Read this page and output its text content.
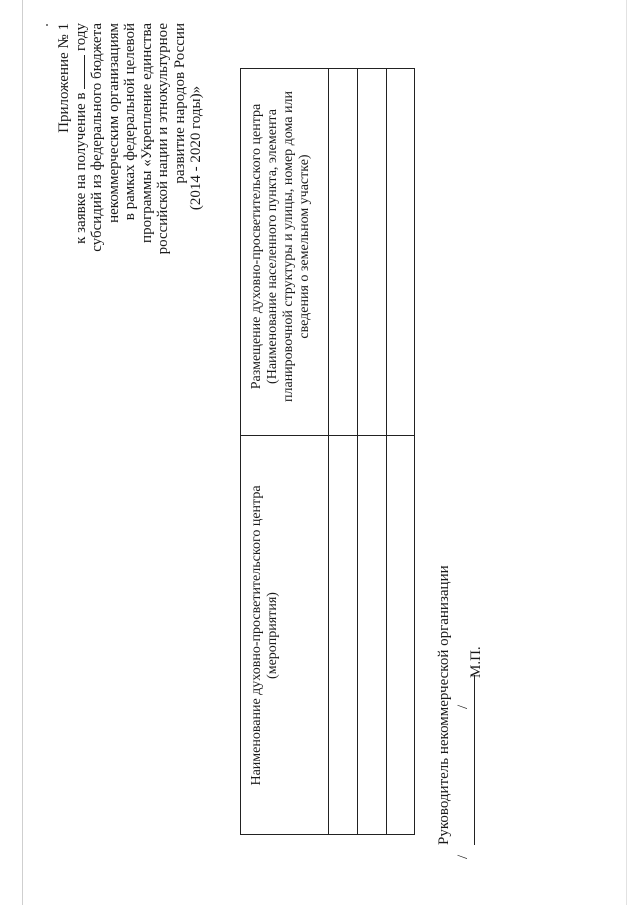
Приложение № 1
к заявке на получение в  году субсидий из федерального бюджета некоммерческим организациям в рамках федеральной целевой программы «Укрепление единства российской нации и этнокультурное развитие народов России (2014 - 2020 годы)»
Наименование духовно-просветительского центра (мероприятия)
Размещение духовно-просветительского центра (Наименование населенного пункта, элемента планировочной структуры и улицы, номер дома или сведения о земельном участке)
Руководитель некоммерческой организации
/
/
М.П.
